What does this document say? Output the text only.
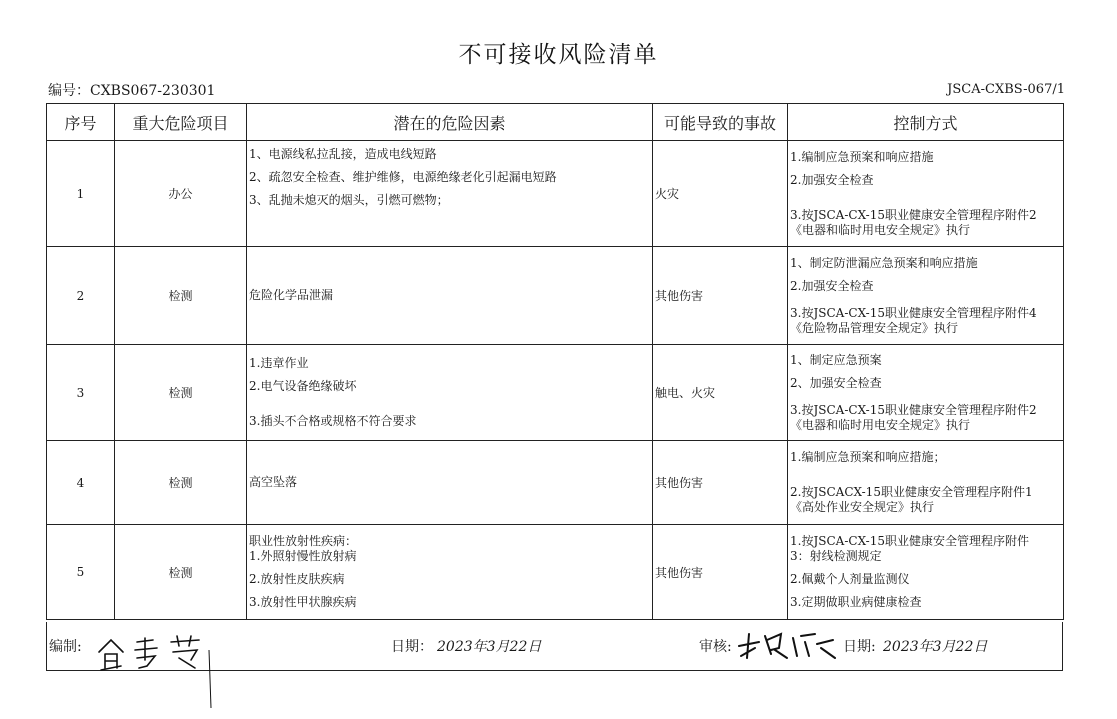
不可接收风险清单
编号：CXBS067-230301	JSCA-CXBS-067/1
序号	重大危险项目	潜在的危险因素	可能导致的事故	控制方式
1	办公	1、电源线私拉乱接，造成电线短路
2、疏忽安全检查、维护维修，电源绝缘老化引起漏电短路
3、乱抛未熄灭的烟头，引燃可燃物；	火灾	1.编制应急预案和响应措施
2.加强安全检查
3.按JSCA-CX-15职业健康安全管理程序附件2
《电器和临时用电安全规定》执行

2	检测	危险化学品泄漏	其他伤害	1、制定防泄漏应急预案和响应措施
2.加强安全检查
3.按JSCA-CX-15职业健康安全管理程序附件4
《危险物品管理安全规定》执行

3	检测	1.违章作业
2.电气设备绝缘破坏
3.插头不合格或规格不符合要求	触电、火灾	1、制定应急预案
2、加强安全检查
3.按JSCA-CX-15职业健康安全管理程序附件2
《电器和临时用电安全规定》执行

4	检测	高空坠落	其他伤害	1.编制应急预案和响应措施；
2.按JSCACX-15职业健康安全管理程序附件1
《高处作业安全规定》执行

5	检测	职业性放射性疾病：
1.外照射慢性放射病
2.放射性皮肤疾病
3.放射性甲状腺疾病	其他伤害	1.按JSCA-CX-15职业健康安全管理程序附件
3：射线检测规定
2.佩戴个人剂量监测仪
3.定期做职业病健康检查
编制:	日期： 2023年3月22日	审核:	日期: 2023年3月22日
